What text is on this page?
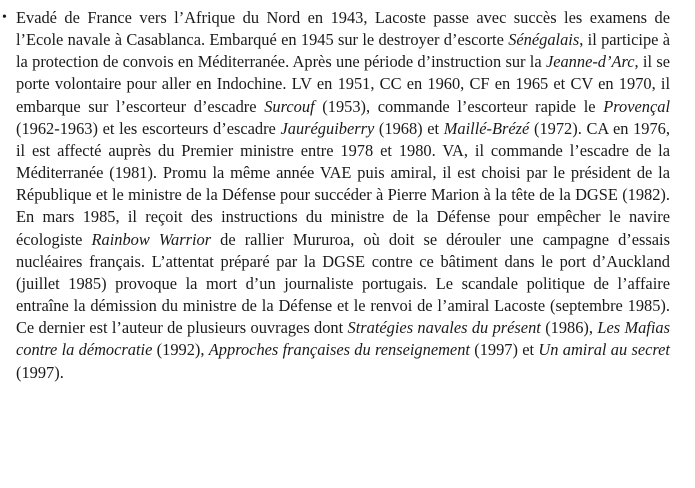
• Evadé de France vers l’Afrique du Nord en 1943, Lacoste passe avec succès les examens de l’Ecole navale à Casablanca. Embarqué en 1945 sur le destroyer d’escorte Sénégalais, il participe à la protection de convois en Méditerranée. Après une période d’instruction sur la Jeanne-d’Arc, il se porte volontaire pour aller en Indochine. LV en 1951, CC en 1960, CF en 1965 et CV en 1970, il embarque sur l’escorteur d’escadre Surcouf (1953), commande l’escorteur rapide le Provençal (1962-1963) et les escorteurs d’escadre Jauréguiberry (1968) et Maillé-Brézé (1972). CA en 1976, il est affecté auprès du Premier ministre entre 1978 et 1980. VA, il commande l’escadre de la Méditerranée (1981). Promu la même année VAE puis amiral, il est choisi par le président de la République et le ministre de la Défense pour succéder à Pierre Marion à la tête de la DGSE (1982). En mars 1985, il reçoit des instructions du ministre de la Défense pour empêcher le navire écologiste Rainbow Warrior de rallier Mururoa, où doit se dérouler une campagne d’essais nucléaires français. L’attentat préparé par la DGSE contre ce bâtiment dans le port d’Auckland (juillet 1985) provoque la mort d’un journaliste portugais. Le scandale politique de l’affaire entraîne la démission du ministre de la Défense et le renvoi de l’amiral Lacoste (septembre 1985). Ce dernier est l’auteur de plusieurs ouvrages dont Stratégies navales du présent (1986), Les Mafias contre la démocratie (1992), Approches françaises du renseignement (1997) et Un amiral au secret (1997).
